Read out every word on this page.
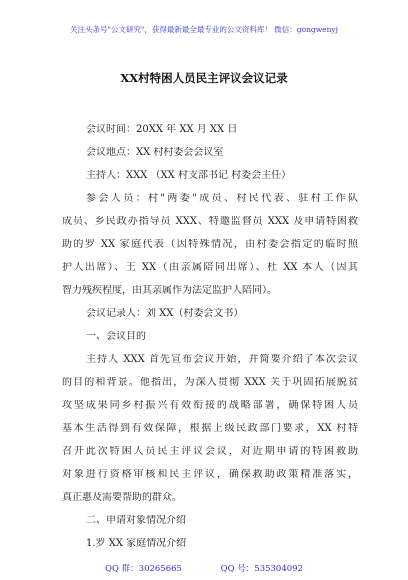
关注头条号"公文研究"，获得最新最全最专业的公文资料库！ 微信：gongwenyj
XX村特困人员民主评议会议记录
会议时间：20XX 年 XX 月 XX 日
会议地点：XX 村村委会会议室
主持人：XXX （XX 村支部书记 村委会主任）
参会人员：村"两委"成员、村民代表、驻村工作队
成员、乡民政办指导员 XXX、特邀监督员 XXX 及申请特困救
助的罗 XX 家庭代表（因特殊情况，由村委会指定的临时照
护人出席）、王 XX（由亲属陪同出席）、杜 XX 本人（因其
智力残疾程度，由其亲属作为法定监护人陪同）。
会议记录人：刘 XX（村委会文书）
一、会议目的
主持人 XXX 首先宣布会议开始，并简要介绍了本次会议
的目的和背景。他指出，为深入贯彻 XXX 关于巩固拓展脱贫
攻坚成果同乡村振兴有效衔接的战略部署，确保特困人员
基本生活得到有效保障，根据上级民政部门要求，XX 村特
召开此次特困人员民主评议会议，对近期申请的特困救助
对象进行资格审核和民主评议，确保救助政策精准落实，
真正惠及需要帮助的群众。
二、申请对象情况介绍
1.罗 XX 家庭情况介绍
QQ 群：30265665	QQ 号：535304092
